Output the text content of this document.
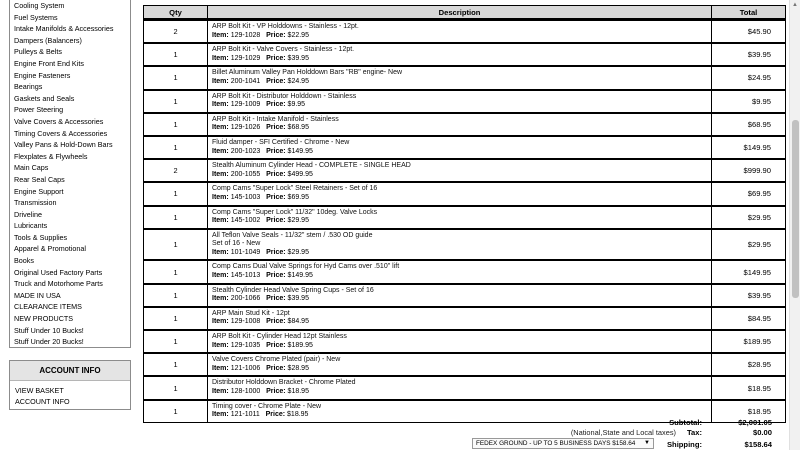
Cooling System
Fuel Systems
Intake Manifolds & Accessories
Dampers (Balancers)
Pulleys & Belts
Engine Front End Kits
Engine Fasteners
Bearings
Gaskets and Seals
Power Steering
Valve Covers & Accessories
Timing Covers & Accessories
Valley Pans & Hold-Down Bars
Flexplates & Flywheels
Main Caps
Rear Seal Caps
Engine Support
Transmission
Driveline
Lubricants
Tools & Supplies
Apparel & Promotional
Books
Original Used Factory Parts
Truck and Motorhome Parts
MADE IN USA
CLEARANCE ITEMS
NEW PRODUCTS
Stuff Under 10 Bucks!
Stuff Under 20 Bucks!
ACCOUNT INFO
VIEW BASKET
ACCOUNT INFO
Qty	Description	Total
2	ARP Bolt Kit - VP Holddowns - Stainless - 12pt.
Item: 129-1028 Price: $22.95	$45.90
1	ARP Bolt Kit - Valve Covers - Stainless - 12pt.
Item: 129-1029 Price: $39.95	$39.95
1	Billet Aluminum Valley Pan Holddown Bars "RB" engine- New
Item: 200-1041 Price: $24.95	$24.95
1	ARP Bolt Kit - Distributor Holddown - Stainless
Item: 129-1009 Price: $9.95	$9.95
1	ARP Bolt Kit - Intake Manifold - Stainless
Item: 129-1026 Price: $68.95	$68.95
1	Fluid damper - SFI Certified - Chrome - New
Item: 200-1023 Price: $149.95	$149.95
2	Stealth Aluminum Cylinder Head - COMPLETE - SINGLE HEAD
Item: 200-1055 Price: $499.95	$999.90
1	Comp Cams "Super Lock" Steel Retainers - Set of 16
Item: 145-1003 Price: $69.95	$69.95
1	Comp Cams "Super Lock" 11/32" 10deg. Valve Locks
Item: 145-1002 Price: $29.95	$29.95
1	All Teflon Valve Seals - 11/32" stem / .530 OD guide
Set of 16 - New
Item: 101-1049 Price: $29.95	$29.95
1	Comp Cams Dual Valve Springs for Hyd Cams over .510" lift
Item: 145-1013 Price: $149.95	$149.95
1	Stealth Cylinder Head Valve Spring Cups - Set of 16
Item: 200-1066 Price: $39.95	$39.95
1	ARP Main Stud Kit - 12pt
Item: 129-1008 Price: $84.95	$84.95
1	ARP Bolt Kit - Cylinder Head 12pt Stainless
Item: 129-1035 Price: $189.95	$189.95
1	Valve Covers Chrome Plated (pair) - New
Item: 121-1006 Price: $28.95	$28.95
1	Distributor Holddown Bracket - Chrome Plated
Item: 128-1000 Price: $18.95	$18.95
1	Timing cover - Chrome Plate - New
Item: 121-1011 Price: $18.95	$18.95
Subtotal:	$2,001.05
(National,State and Local taxes) Tax:	$0.00
FEDEX GROUND - UP TO 5 BUSINESS DAYS $158.64 ▼ Shipping:	$158.64
▲
